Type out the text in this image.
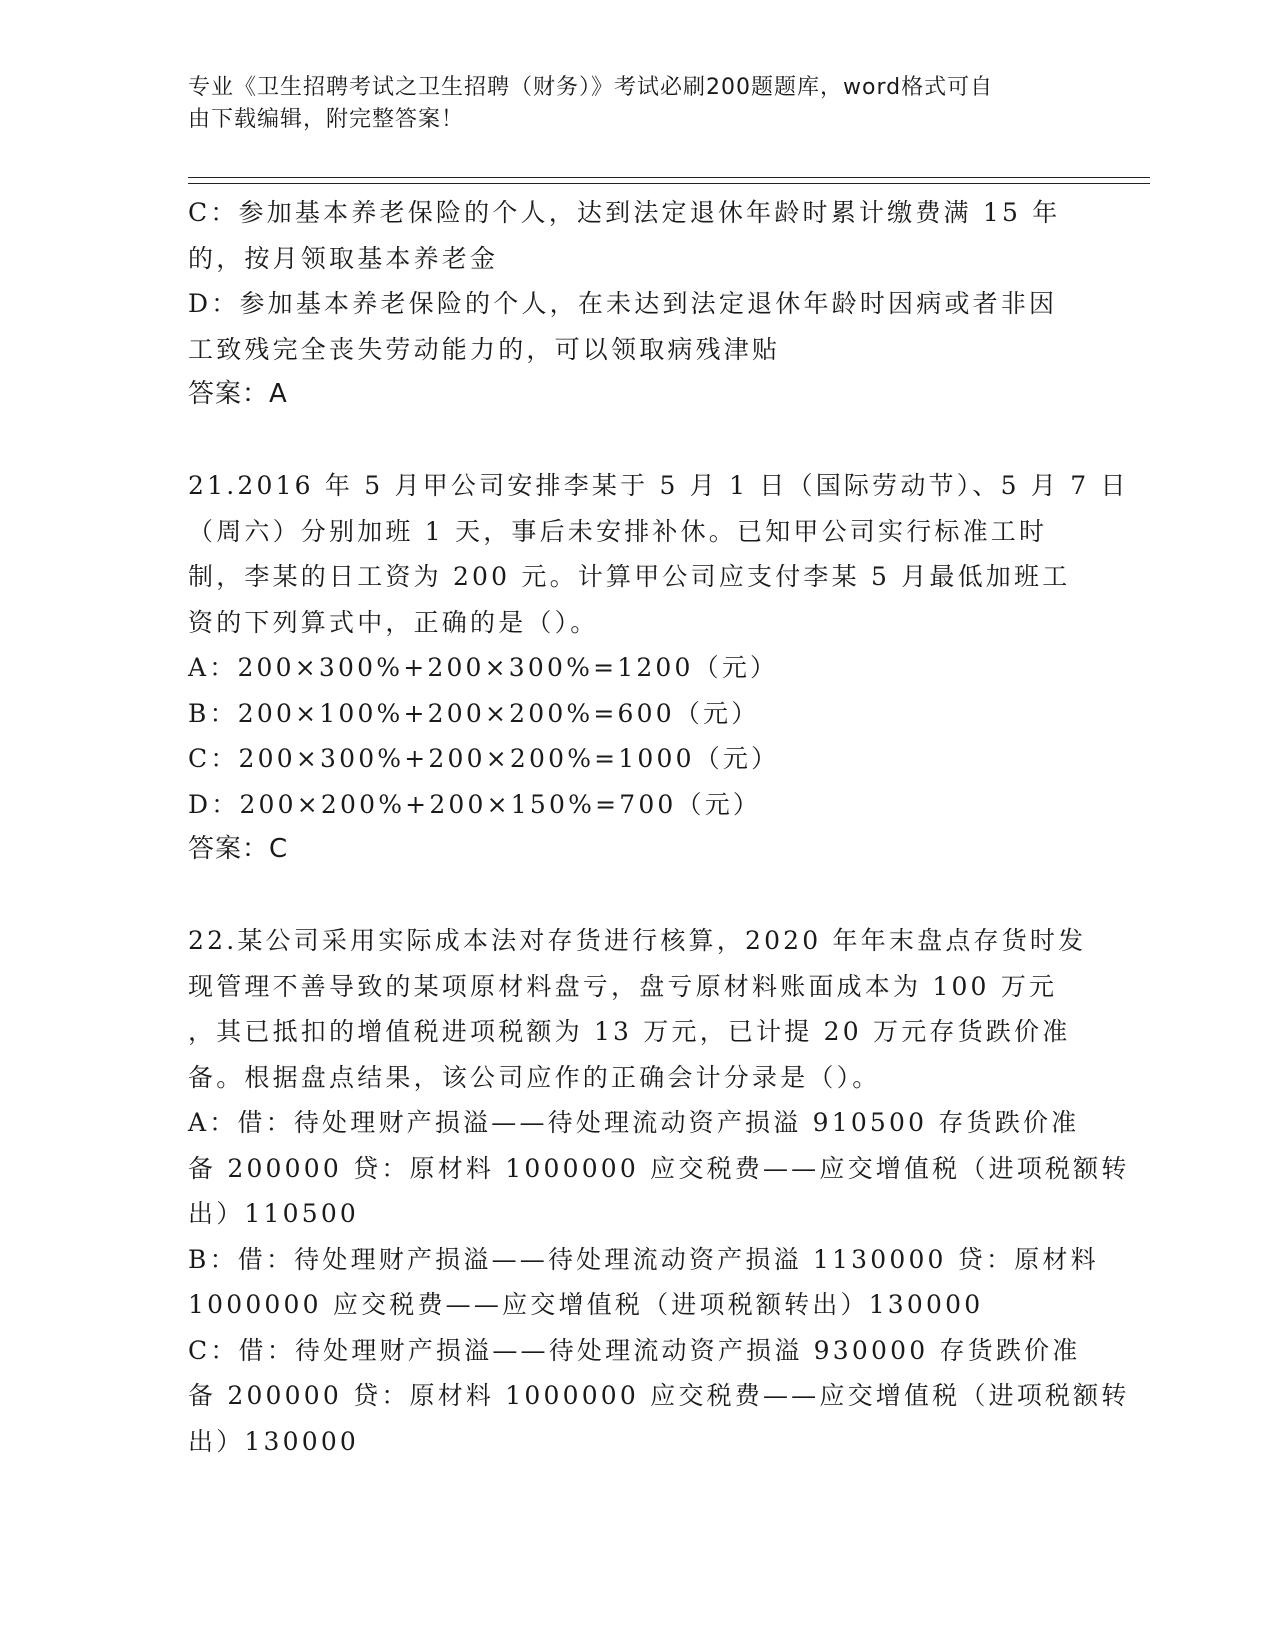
专业《卫生招聘考试之卫生招聘（财务）》考试必刷200题题库，word格式可自
由下载编辑，附完整答案！
C：参加基本养老保险的个人，达到法定退休年龄时累计缴费满 15 年
的，按月领取基本养老金
D：参加基本养老保险的个人，在未达到法定退休年龄时因病或者非因
工致残完全丧失劳动能力的，可以领取病残津贴
答案：A
21.2016 年 5 月甲公司安排李某于 5 月 1 日（国际劳动节）、5 月 7 日
（周六）分别加班 1 天，事后未安排补休。已知甲公司实行标准工时
制，李某的日工资为 200 元。计算甲公司应支付李某 5 月最低加班工
资的下列算式中，正确的是（）。
A：200×300%+200×300%=1200（元）
B：200×100%+200×200%=600（元）
C：200×300%+200×200%=1000（元）
D：200×200%+200×150%=700（元）
答案：C
22.某公司采用实际成本法对存货进行核算，2020 年年末盘点存货时发
现管理不善导致的某项原材料盘亏，盘亏原材料账面成本为 100 万元
，其已抵扣的增值税进项税额为 13 万元，已计提 20 万元存货跌价准
备。根据盘点结果，该公司应作的正确会计分录是（）。
A：借：待处理财产损溢——待处理流动资产损溢 910500 存货跌价准
备 200000 贷：原材料 1000000 应交税费——应交增值税（进项税额转
出）110500
B：借：待处理财产损溢——待处理流动资产损溢 1130000 贷：原材料
1000000 应交税费——应交增值税（进项税额转出）130000
C：借：待处理财产损溢——待处理流动资产损溢 930000 存货跌价准
备 200000 贷：原材料 1000000 应交税费——应交增值税（进项税额转
出）130000
